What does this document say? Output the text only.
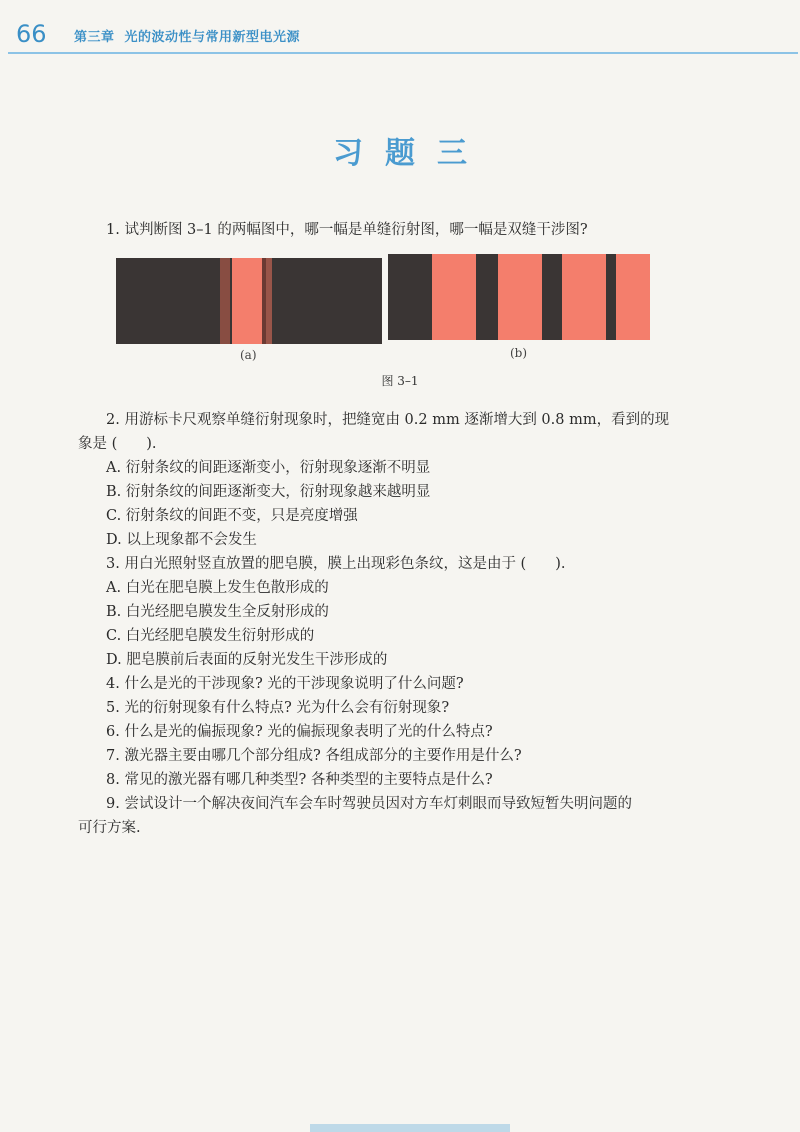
66 第三章 光的波动性与常用新型电光源
习题三
1. 试判断图 3–1 的两幅图中，哪一幅是单缝衍射图，哪一幅是双缝干涉图?
(a)	(b)
图 3–1
2. 用游标卡尺观察单缝衍射现象时，把缝宽由 0.2 mm 逐渐增大到 0.8 mm，看到的现
象是 (　　).
A. 衍射条纹的间距逐渐变小，衍射现象逐渐不明显
B. 衍射条纹的间距逐渐变大，衍射现象越来越明显
C. 衍射条纹的间距不变，只是亮度增强
D. 以上现象都不会发生
3. 用白光照射竖直放置的肥皂膜，膜上出现彩色条纹，这是由于 (　　).
A. 白光在肥皂膜上发生色散形成的
B. 白光经肥皂膜发生全反射形成的
C. 白光经肥皂膜发生衍射形成的
D. 肥皂膜前后表面的反射光发生干涉形成的
4. 什么是光的干涉现象? 光的干涉现象说明了什么问题?
5. 光的衍射现象有什么特点? 光为什么会有衍射现象?
6. 什么是光的偏振现象? 光的偏振现象表明了光的什么特点?
7. 激光器主要由哪几个部分组成? 各组成部分的主要作用是什么?
8. 常见的激光器有哪几种类型? 各种类型的主要特点是什么?
9. 尝试设计一个解决夜间汽车会车时驾驶员因对方车灯刺眼而导致短暂失明问题的
可行方案.
